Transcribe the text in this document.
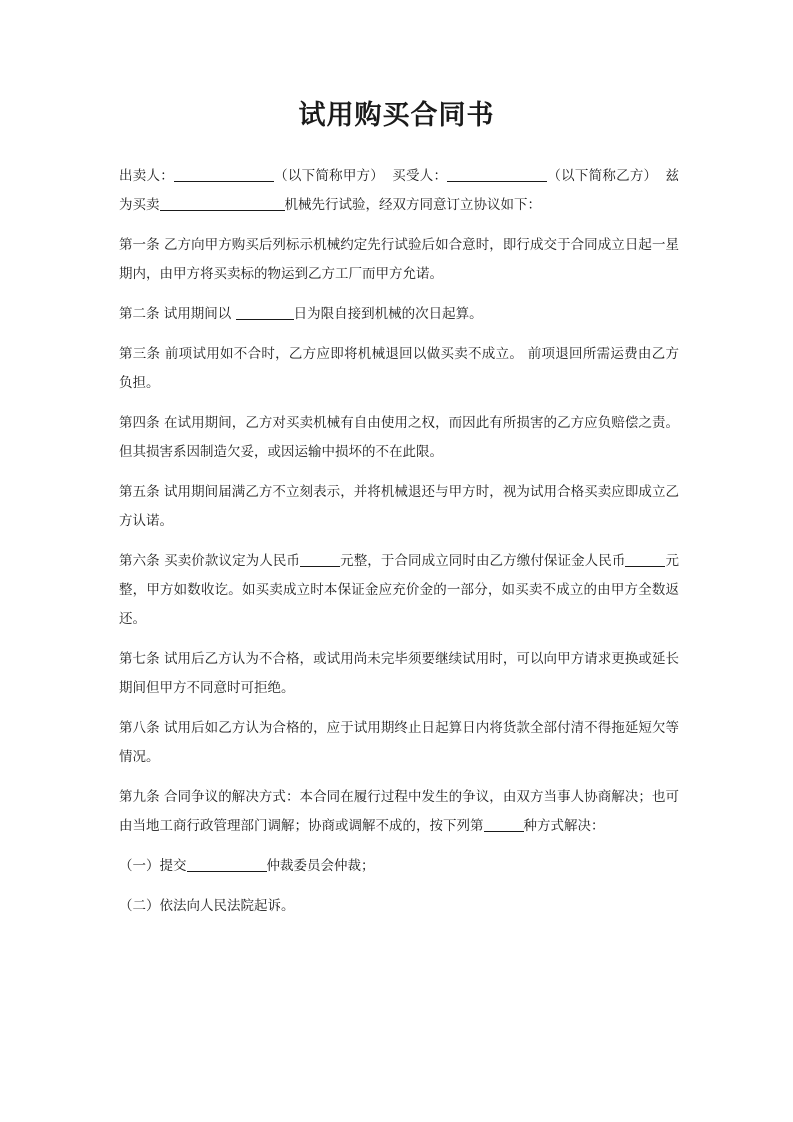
试用购买合同书

出卖人：	（以下简称甲方） 买受人：	（以下简称乙方） 兹为买卖	机械先行试验，经双方同意订立协议如下：

第一条 乙方向甲方购买后列标示机械约定先行试验后如合意时，即行成交于合同成立日起一星期内，由甲方将买卖标的物运到乙方工厂而甲方允诺。

第二条 试用期间以	日为限自接到机械的次日起算。

第三条 前项试用如不合时，乙方应即将机械退回以做买卖不成立。 前项退回所需运费由乙方负担。

第四条 在试用期间，乙方对买卖机械有自由使用之权，而因此有所损害的乙方应负赔偿之责。但其损害系因制造欠妥，或因运输中损坏的不在此限。

第五条 试用期间届满乙方不立刻表示，并将机械退还与甲方时，视为试用合格买卖应即成立乙方认诺。

第六条 买卖价款议定为人民币	元整，于合同成立同时由乙方缴付保证金人民币	元整，甲方如数收讫。如买卖成立时本保证金应充价金的一部分，如买卖不成立的由甲方全数返还。

第七条 试用后乙方认为不合格，或试用尚未完毕须要继续试用时，可以向甲方请求更换或延长期间但甲方不同意时可拒绝。

第八条 试用后如乙方认为合格的，应于试用期终止日起算日内将货款全部付清不得拖延短欠等情况。

第九条 合同争议的解决方式：本合同在履行过程中发生的争议，由双方当事人协商解决；也可由当地工商行政管理部门调解；协商或调解不成的，按下列第	种方式解决：

（一）提交	仲裁委员会仲裁；

（二）依法向人民法院起诉。
